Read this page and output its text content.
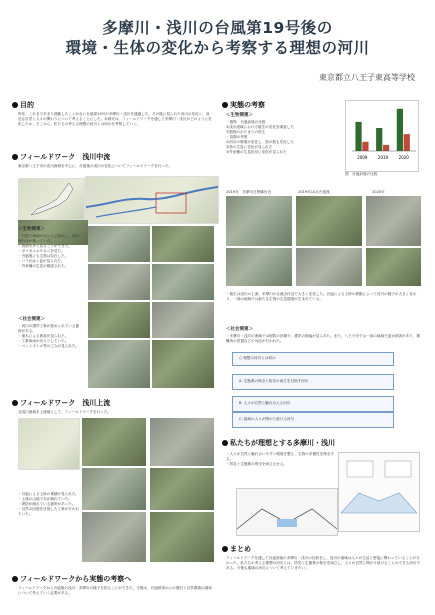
多摩川・浅川の台風第19号後の
環境・生体の変化から考察する理想の河川
東京都立八王子東高等学校
目的
昨年、これまであまり経験したことがない台風第19号が多摩川・浅川を通過した。その後に見られた河川の変化と、身近な自然と人々の関わりについて考えることにした。本探究は、フィールドワークを通して多摩川・浅川がどのように変化したか、そこから、私たちの考える理想の河川とは何かを考察していく。
フィールドワーク　浅川中流
東京都八王子市の浅川流域を中心に、台風後の浅川の変化についてフィールドワークを行った。
＜生物関連＞
・台風で流域がほとんど冠水し、草が倒れ泥が覆っていた。
・鳥類を多く見ることができた。
・ガマガエルやカニを見た。
・台風後にも生物は存在した。
・コイが泳ぐ姿が見られた。
・外来種の生息が確認された。
＜社会関連＞
・河川の護岸工事が進められている箇所がある。
・流木による被害が見られた。
・工事車両が出入りしていた。
・ペットボトル等のごみが見られた。
フィールドワーク　浅川上流
北浅川流域を上流域として、フィールドワークを行った。
・台風による土砂の堆積が見られた。
・上流の山地で木が倒れていた。
・堤防が崩れている箇所があった。
・自然の回復を目指した工事が行われていた。
フィールドワークから実態の考察へ
フィールドワークから台風後の浅川・多摩川の様子を知ることができた。今後は、台風被害からの復旧と自然環境の調和について考えていく必要がある。
実態の考察
＜生物関連＞
・植物　台風前後の比較
①浅川流域における植生の変化を調査した
②植物のかたまりの再生
・鳥類の考察
①河川の環境が変化し、鳥の数も変化した
②魚の生息に変化が見られた
③外来種の生息状況に変化が見られた
2009	2019	2020
図　台風前後の比較
2019年　多摩川日野橋付近	2019年10月台風後	2020年
・植生は浅川の上流、多摩川の合流点付近で大きく変化した。台風による土砂の移動によって河川の様子が大きく変わり、一部の地域では新たな生物の生息環境が生まれている。
＜社会関連＞
・多摩川・浅川の流域では堤防の決壊や、護岸の崩落が見られた。また、八王子市では一部の地域で浸水被害があり、避難所の設置などの対応が行われた。
○ 理想の河川とは何か
A. 生態系の保全と防災の両立を目指す河川
B. 人々が自然と触れ合える河川
C. 地域の人々が関わり続ける河川
私たちが理想とする多摩川・浅川
・人々が自然と触れ合いやすい環境を整え、生物の多様性を保全する。
・防災と生態系の保全を両立させる。
まとめ
フィールドワークを通して台風前後の多摩川・浅川の比較をし、浅川の流域は人々の生活と密接に関わっていることが分かった。私たちの考える理想の河川とは、防災と生態系の保全を両立し、人々が自然と関わり続けることのできる河川である。今後も地域の河川について考えていきたい。
